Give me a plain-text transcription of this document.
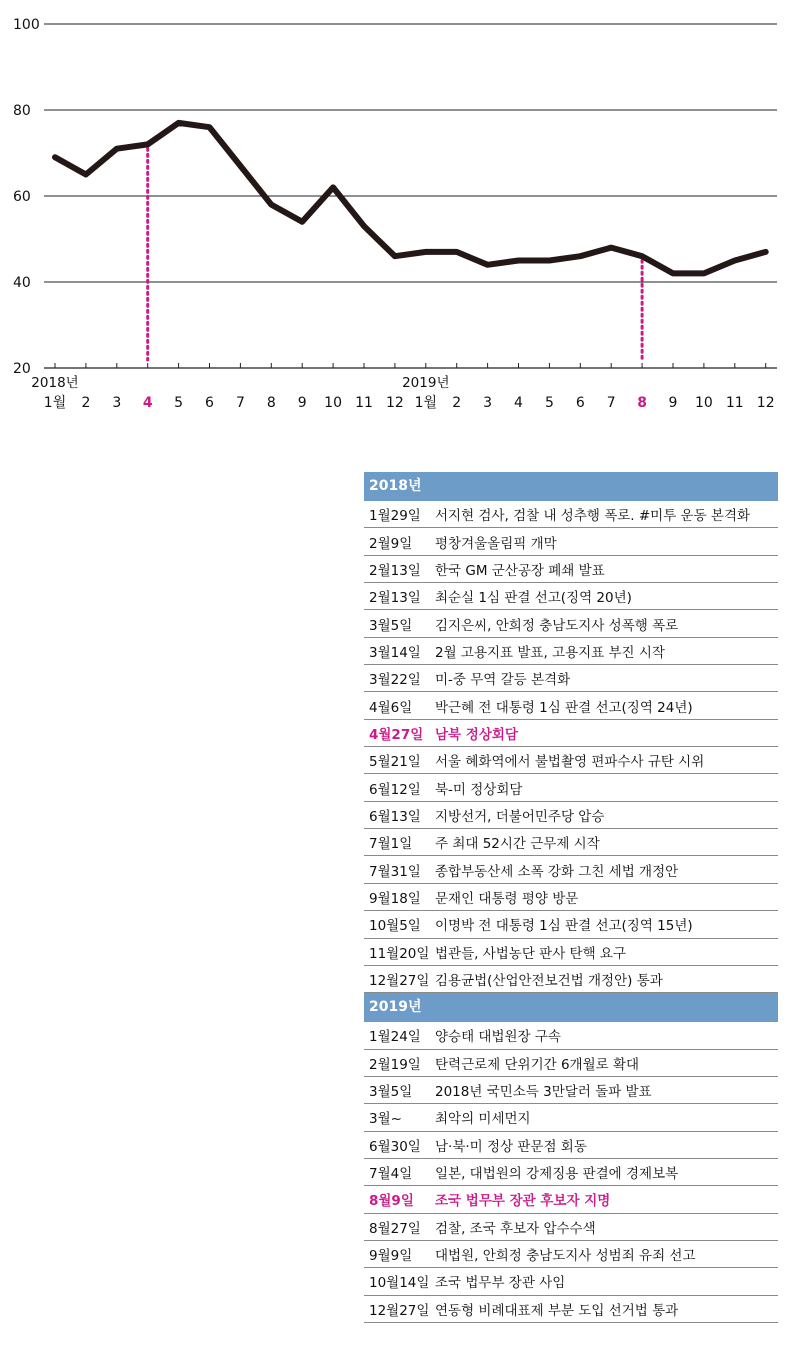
100
80
60
40
20
1월 2 3 4 5 6 7 8 9 10 11 12 1월 2 3 4 5 6 7 8 9 10 11 12
2018년	2019년
2018년
1월29일	서지현 검사, 검찰 내 성추행 폭로. #미투 운동 본격화
2월9일	평창겨울올림픽 개막
2월13일	한국 GM 군산공장 폐쇄 발표
2월13일	최순실 1심 판결 선고(징역 20년)
3월5일	김지은씨, 안희정 충남도지사 성폭행 폭로
3월14일	2월 고용지표 발표, 고용지표 부진 시작
3월22일	미-중 무역 갈등 본격화
4월6일	박근혜 전 대통령 1심 판결 선고(징역 24년)
4월27일 남북 정상회담
5월21일	서울 혜화역에서 불법촬영 편파수사 규탄 시위
6월12일	북-미 정상회담
6월13일	지방선거, 더불어민주당 압승
7월1일	주 최대 52시간 근무제 시작
7월31일	종합부동산세 소폭 강화 그친 세법 개정안
9월18일	문재인 대통령 평양 방문
10월5일	이명박 전 대통령 1심 판결 선고(징역 15년)
11월20일 법관들, 사법농단 판사 탄핵 요구
12월27일 김용균법(산업안전보건법 개정안) 통과
2019년
1월24일	양승태 대법원장 구속
2월19일	탄력근로제 단위기간 6개월로 확대
3월5일	2018년 국민소득 3만달러 돌파 발표
3월~	최악의 미세먼지
6월30일	남·북·미 정상 판문점 회동
7월4일	일본, 대법원의 강제징용 판결에 경제보복
8월9일	조국 법무부 장관 후보자 지명
8월27일	검찰, 조국 후보자 압수수색
9월9일	대법원, 안희정 충남도지사 성범죄 유죄 선고
10월14일 조국 법무부 장관 사임
12월27일 연동형 비례대표제 부분 도입 선거법 통과
